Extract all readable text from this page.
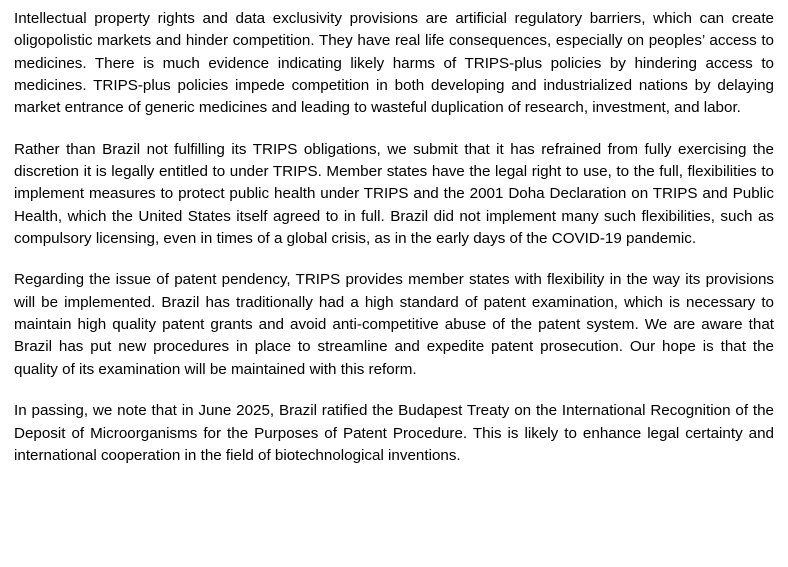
Intellectual property rights and data exclusivity provisions are artificial regulatory barriers, which can create oligopolistic markets and hinder competition. They have real life consequences, especially on peoples’ access to medicines. There is much evidence indicating likely harms of TRIPS-plus policies by hindering access to medicines. TRIPS-plus policies impede competition in both developing and industrialized nations by delaying market entrance of generic medicines and leading to wasteful duplication of research, investment, and labor.

Rather than Brazil not fulfilling its TRIPS obligations, we submit that it has refrained from fully exercising the discretion it is legally entitled to under TRIPS. Member states have the legal right to use, to the full, flexibilities to implement measures to protect public health under TRIPS and the 2001 Doha Declaration on TRIPS and Public Health, which the United States itself agreed to in full. Brazil did not implement many such flexibilities, such as compulsory licensing, even in times of a global crisis, as in the early days of the COVID-19 pandemic.

Regarding the issue of patent pendency, TRIPS provides member states with flexibility in the way its provisions will be implemented. Brazil has traditionally had a high standard of patent examination, which is necessary to maintain high quality patent grants and avoid anti-competitive abuse of the patent system. We are aware that Brazil has put new procedures in place to streamline and expedite patent prosecution. Our hope is that the quality of its examination will be maintained with this reform.

In passing, we note that in June 2025, Brazil ratified the Budapest Treaty on the International Recognition of the Deposit of Microorganisms for the Purposes of Patent Procedure. This is likely to enhance legal certainty and international cooperation in the field of biotechnological inventions.
